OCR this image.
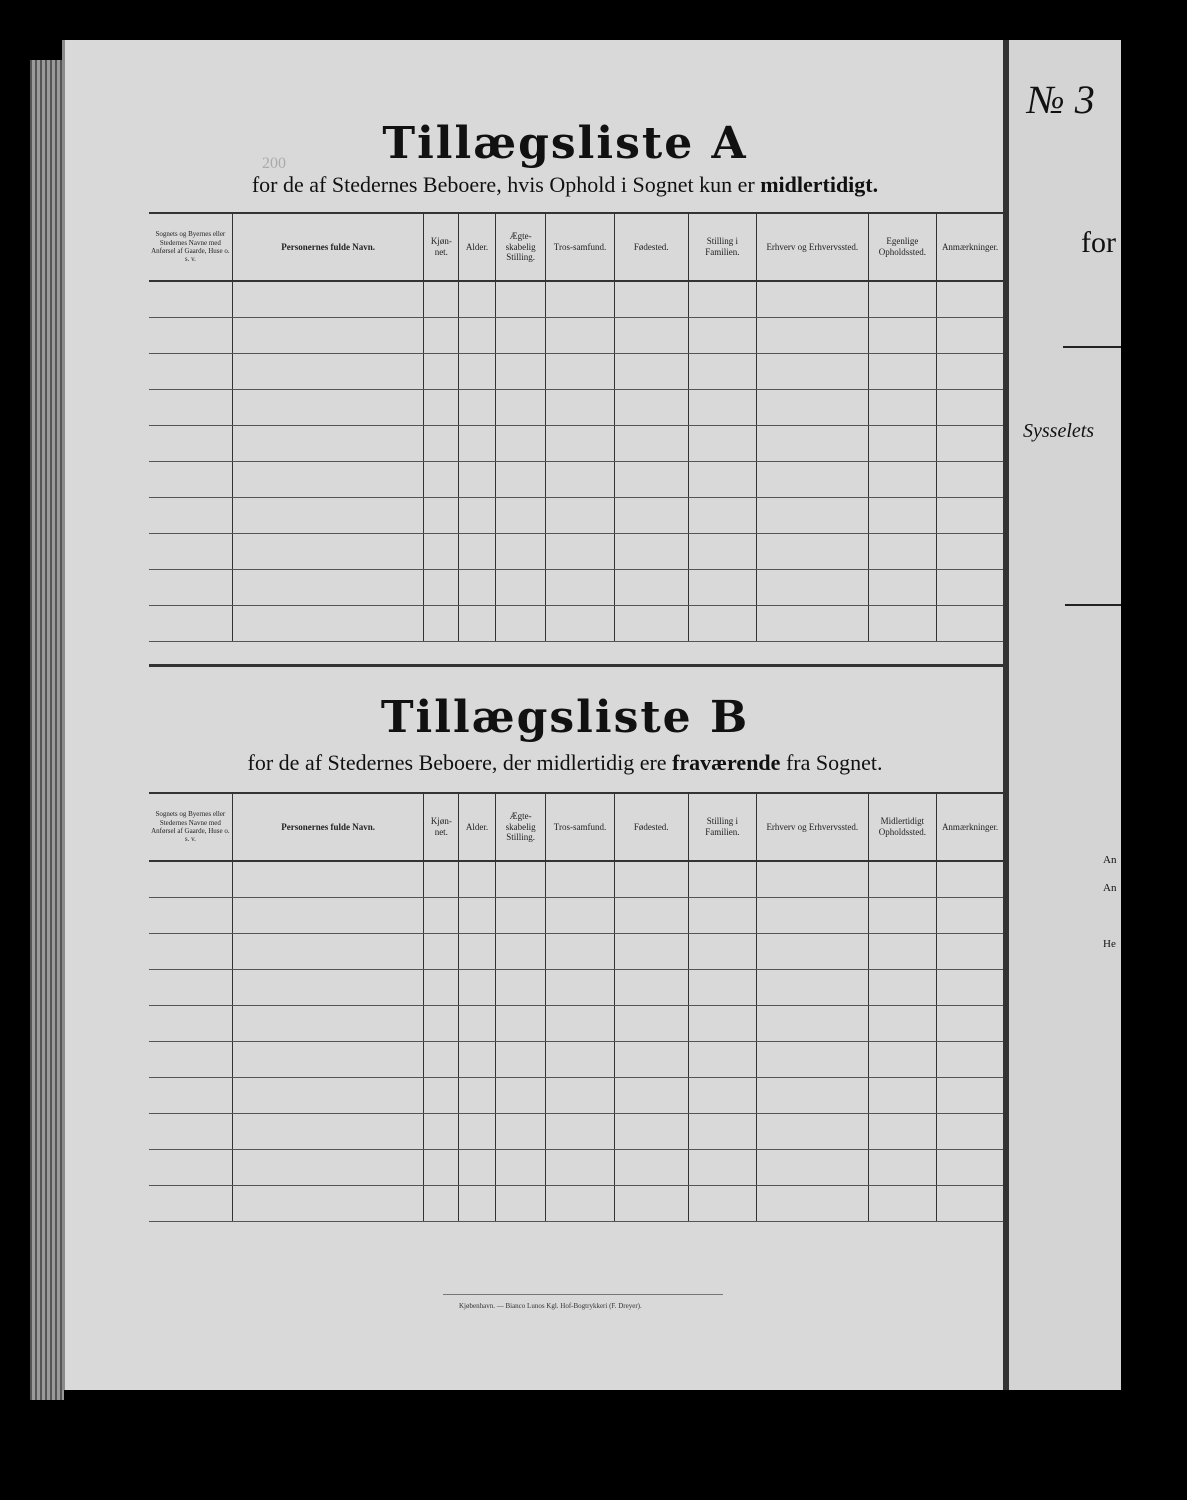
200	Tillægsliste A
for de af Stedernes Beboere, hvis Ophold i Sognet kun er midlertidigt.
Sognets og Byernes eller Stedernes Navne med Anførsel af Gaarde, Huse o. s. v.	Personernes fulde Navn.	Kjøn-net.	Alder.	Ægte-skabelig Stilling.	Tros-samfund.	Fødested.	Stilling i Familien.	Erhverv og Erhvervssted.	Egenlige Opholdssted.	Anmærkninger.

Tillægsliste B
for de af Stedernes Beboere, der midlertidig ere fraværende fra Sognet.
Sognets og Byernes eller Stedernes Navne med Anførsel af Gaarde, Huse o. s. v.	Personernes fulde Navn.	Kjøn-net.	Alder.	Ægte-skabelig Stilling.	Tros-samfund.	Fødested.	Stilling i Familien.	Erhverv og Erhvervssted.	Midlertidigt Opholdssted.	Anmærkninger.

Kjøbenhavn. — Bianco Lunos Kgl. Hof-Bogtrykkeri (F. Dreyer).
№ 3
for
Sysselets
An
An
He
